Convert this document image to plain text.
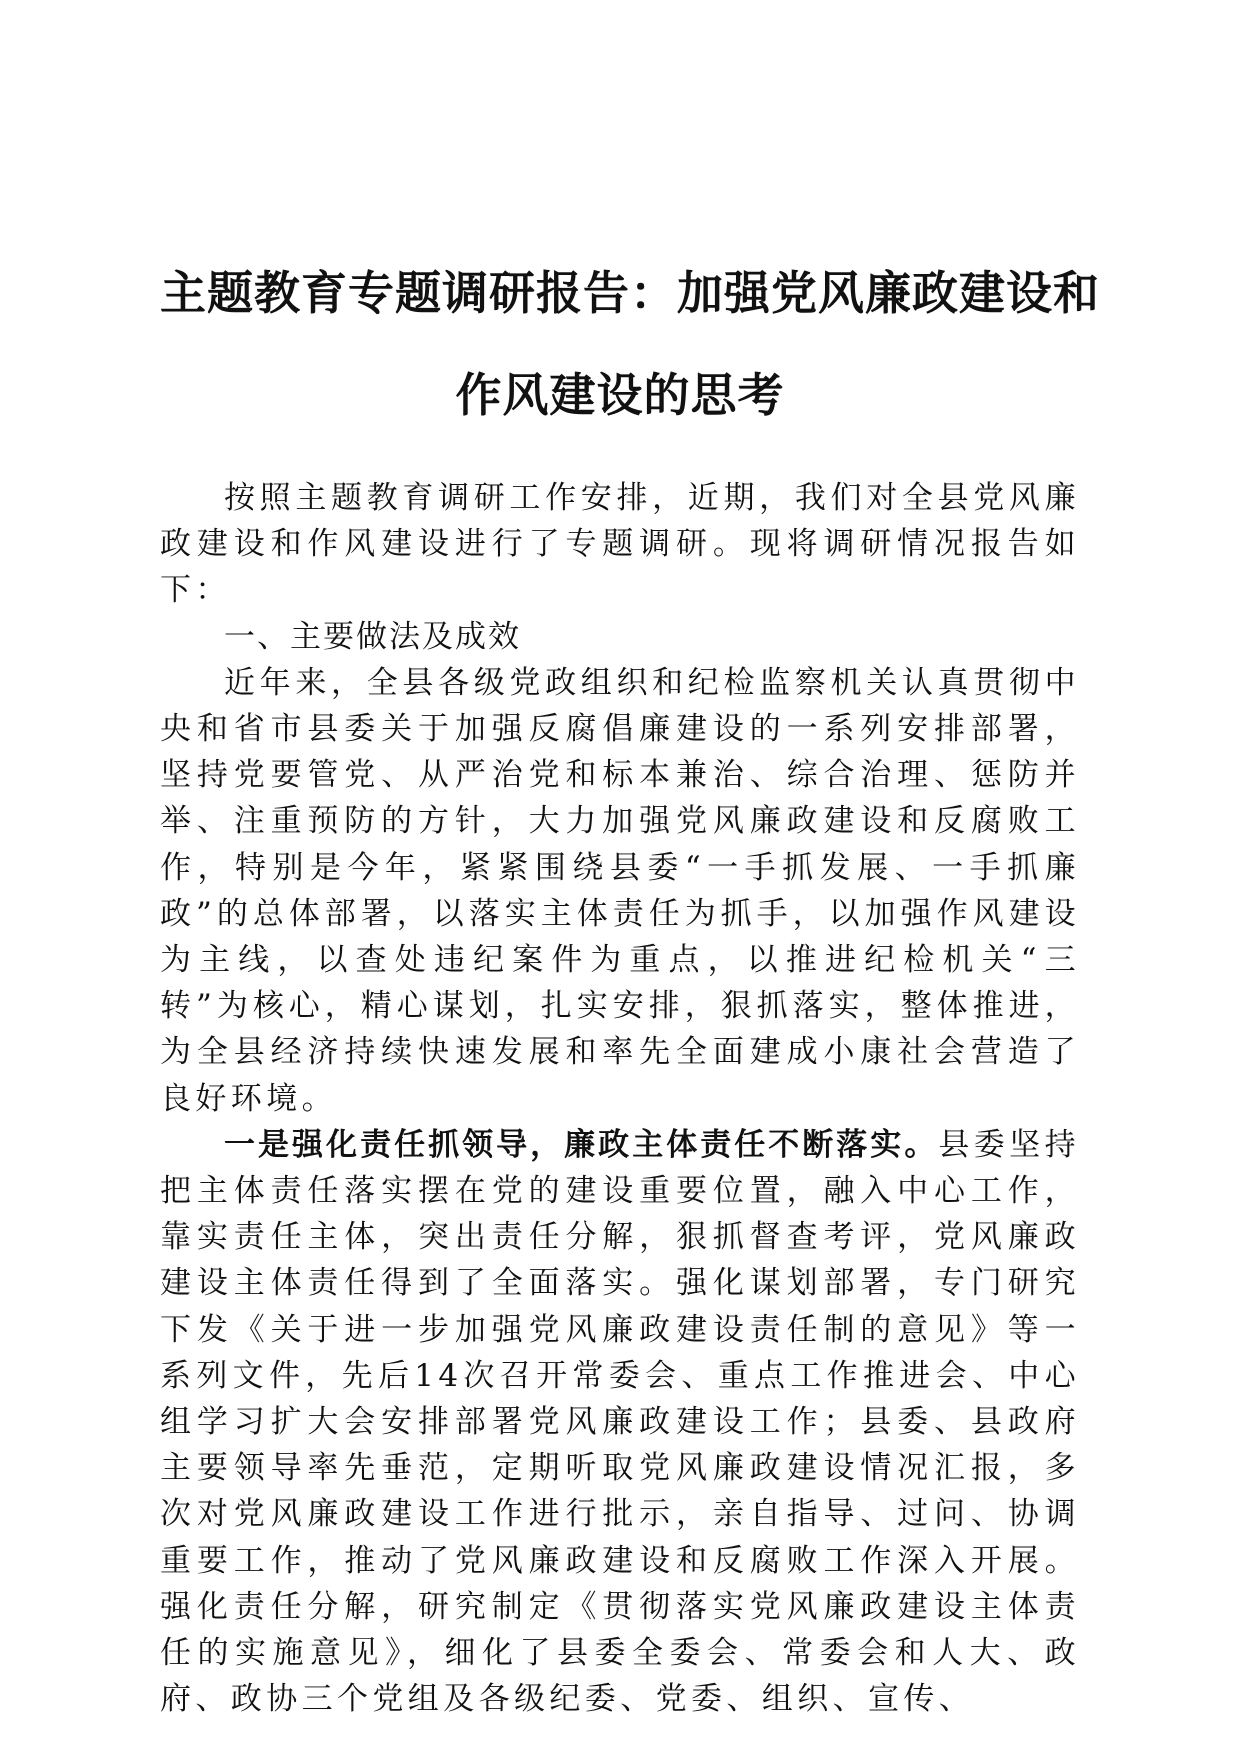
主题教育专题调研报告：加强党风廉政建设和
作风建设的思考

按照主题教育调研工作安排，近期，我们对全县党风廉政建设和作风建设进行了专题调研。现将调研情况报告如下：

一、主要做法及成效

近年来，全县各级党政组织和纪检监察机关认真贯彻中央和省市县委关于加强反腐倡廉建设的一系列安排部署，坚持党要管党、从严治党和标本兼治、综合治理、惩防并举、注重预防的方针，大力加强党风廉政建设和反腐败工作，特别是今年，紧紧围绕县委“一手抓发展、一手抓廉政”的总体部署，以落实主体责任为抓手，以加强作风建设为主线，以查处违纪案件为重点，以推进纪检机关“三转”为核心，精心谋划，扎实安排，狠抓落实，整体推进，为全县经济持续快速发展和率先全面建成小康社会营造了良好环境。

一是强化责任抓领导，廉政主体责任不断落实。县委坚持把主体责任落实摆在党的建设重要位置，融入中心工作，靠实责任主体，突出责任分解，狠抓督查考评，党风廉政建设主体责任得到了全面落实。强化谋划部署，专门研究下发《关于进一步加强党风廉政建设责任制的意见》等一系列文件，先后14次召开常委会、重点工作推进会、中心组学习扩大会安排部署党风廉政建设工作；县委、县政府主要领导率先垂范，定期听取党风廉政建设情况汇报，多次对党风廉政建设工作进行批示，亲自指导、过问、协调重要工作，推动了党风廉政建设和反腐败工作深入开展。强化责任分解，研究制定《贯彻落实党风廉政建设主体责任的实施意见》，细化了县委全委会、常委会和人大、政府、政协三个党组及各级纪委、党委、组织、宣传、
